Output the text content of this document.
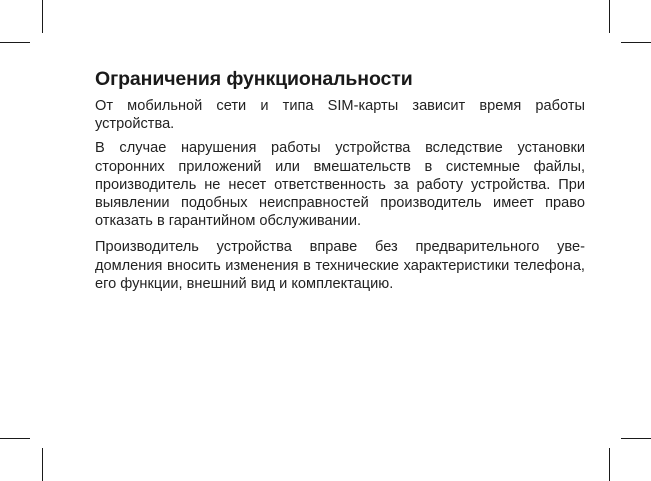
Ограничения функциональности

От мобильной сети и типа SIM-карты зависит время работы устройства.

В случае нарушения работы устройства вследствие установки сторонних приложений или вмешательств в системные файлы, производитель не несет ответственность за работу устройства. При выявлении подобных неисправностей производитель имеет право отказать в гарантийном обслуживании.

Производитель устройства вправе без предварительного уве- домления вносить изменения в технические характеристики телефона, его функции, внешний вид и комплектацию.
